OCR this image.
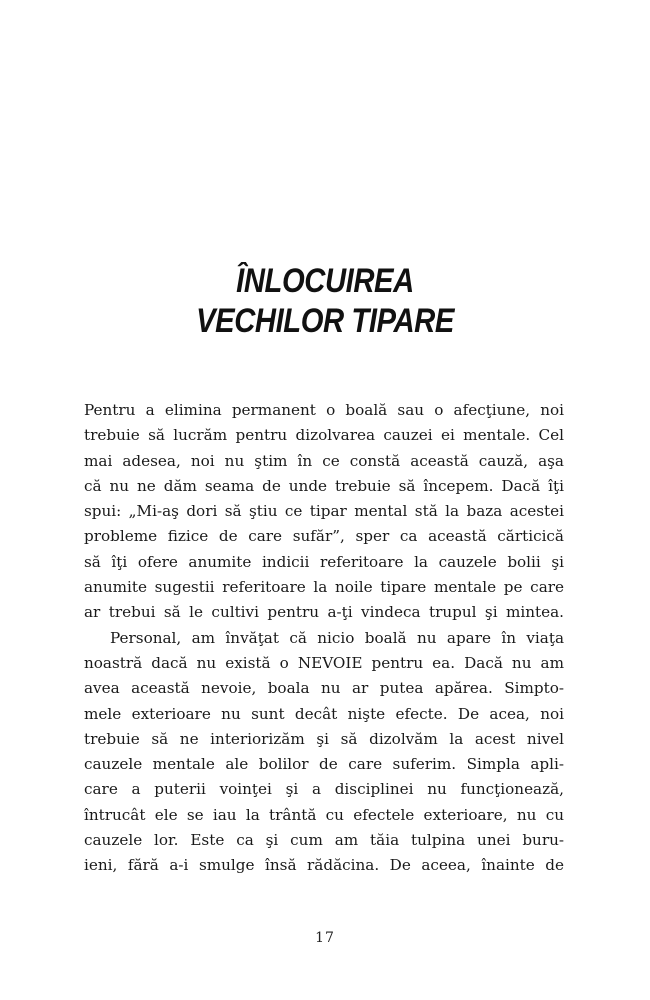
ÎNLOCUIREA
VECHILOR TIPARE
Pentru a elimina permanent o boală sau o afecţiune, noi
trebuie să lucrăm pentru dizolvarea cauzei ei mentale. Cel
mai adesea, noi nu ştim în ce constă această cauză, aşa
că nu ne dăm seama de unde trebuie să începem. Dacă îţi
spui: „Mi-aş dori să ştiu ce tipar mental stă la baza acestei
probleme fizice de care sufăr”, sper ca această cărticică
să îţi ofere anumite indicii referitoare la cauzele bolii şi
anumite sugestii referitoare la noile tipare mentale pe care
ar trebui să le cultivi pentru a-ţi vindeca trupul şi mintea.
Personal, am învăţat că nicio boală nu apare în viaţa
noastră dacă nu există o NEVOIE pentru ea. Dacă nu am
avea această nevoie, boala nu ar putea apărea. Simpto-
mele exterioare nu sunt decât nişte efecte. De acea, noi
trebuie să ne interiorizăm şi să dizolvăm la acest nivel
cauzele mentale ale bolilor de care suferim. Simpla apli-
care a puterii voinţei şi a disciplinei nu funcţionează,
întrucât ele se iau la trântă cu efectele exterioare, nu cu
cauzele lor. Este ca şi cum am tăia tulpina unei buru-
ieni, fără a-i smulge însă rădăcina. De aceea, înainte de
17
